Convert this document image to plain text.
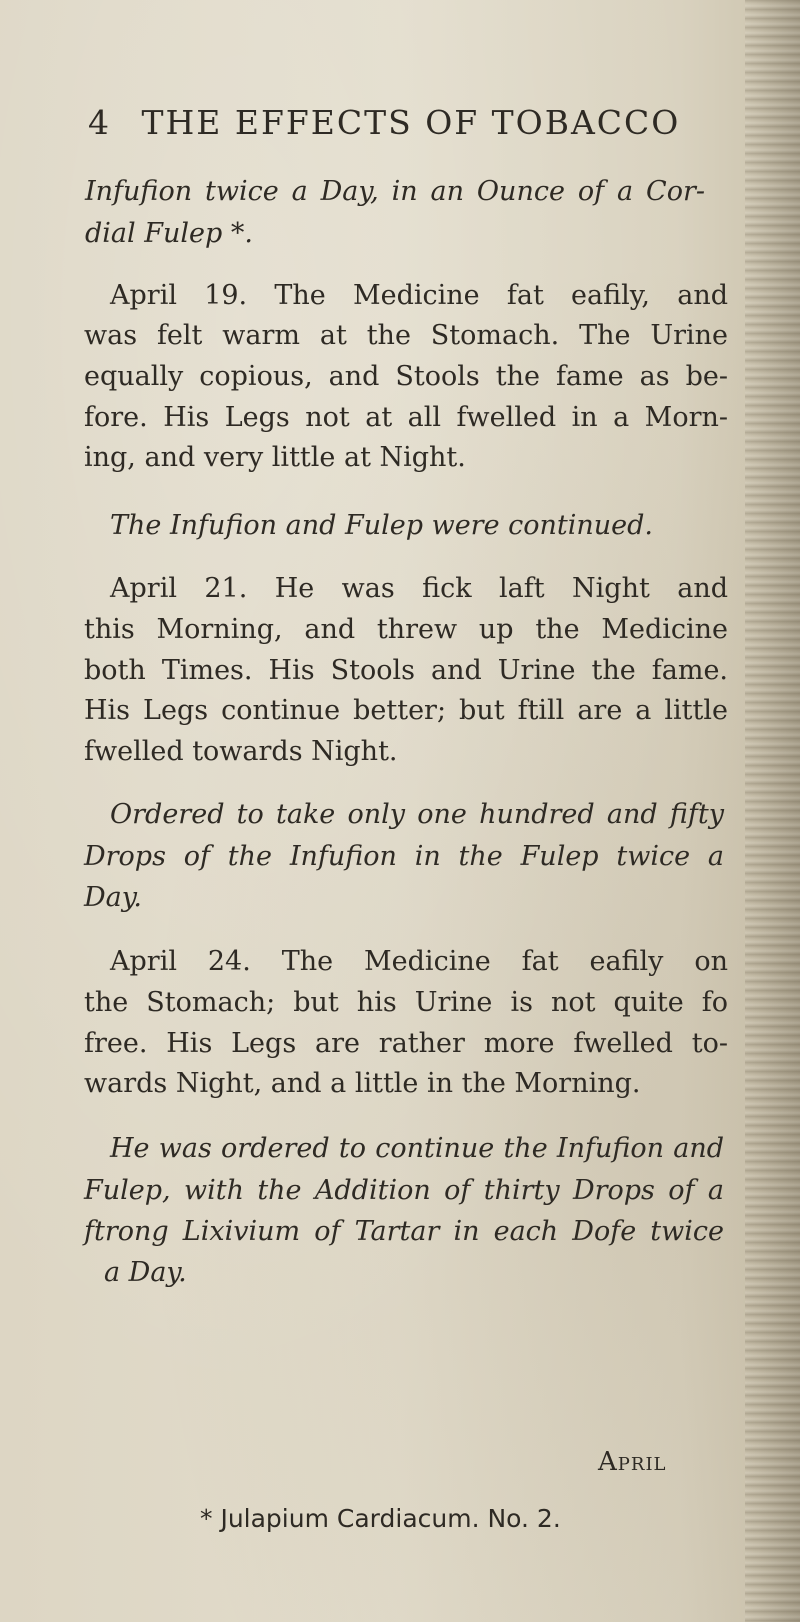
4 THE EFFECTS OF TOBACCO
Infufion twice a Day, in an Ounce of a Cor-
dial Fulep *.
April 19. The Medicine fat eafily, and
was felt warm at the Stomach. The Urine
equally copious, and Stools the fame as be-
fore. His Legs not at all fwelled in a Morn-
ing, and very little at Night.
The Infufion and Fulep were continued.
April 21. He was fick laft Night and
this Morning, and threw up the Medicine
both Times. His Stools and Urine the fame.
His Legs continue better; but ftill are a little
fwelled towards Night.
Ordered to take only one hundred and fifty
Drops of the Infufion in the Fulep twice a
Day.
April 24. The Medicine fat eafily on
the Stomach; but his Urine is not quite fo
free. His Legs are rather more fwelled to-
wards Night, and a little in the Morning.
He was ordered to continue the Infufion and
Fulep, with the Addition of thirty Drops of a
ftrong Lixivium of Tartar in each Dofe twice
a Day.
April
* Julapium Cardiacum. No. 2.
